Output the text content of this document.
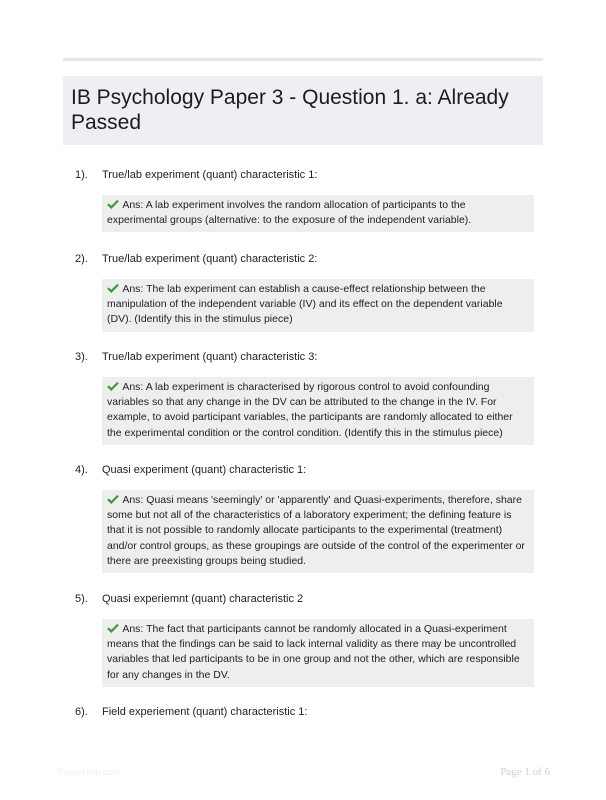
IB Psychology Paper 3 - Question 1. a: Already Passed
1).	True/lab experiment (quant) characteristic 1:
Ans: A lab experiment involves the random allocation of participants to the experimental groups (alternative: to the exposure of the independent variable).
2).	True/lab experiment (quant) characteristic 2:
Ans: The lab experiment can establish a cause-effect relationship between the manipulation of the independent variable (IV) and its effect on the dependent variable (DV). (Identify this in the stimulus piece)
3).	True/lab experiment (quant) characteristic 3:
Ans: A lab experiment is characterised by rigorous control to avoid confounding variables so that any change in the DV can be attributed to the change in the IV. For example, to avoid participant variables, the participants are randomly allocated to either the experimental condition or the control condition. (Identify this in the stimulus piece)
4).	Quasi experiment (quant) characteristic 1:
Ans: Quasi means 'seemingly' or 'apparently' and Quasi-experiments, therefore, share some but not all of the characteristics of a laboratory experiment; the defining feature is that it is not possible to randomly allocate participants to the experimental (treatment) and/or control groups, as these groupings are outside of the control of the experimenter or there are preexisting groups being studied.
5).	Quasi experiemnt (quant) characteristic 2
Ans: The fact that participants cannot be randomly allocated in a Quasi-experiment means that the findings can be said to lack internal validity as there may be uncontrolled variables that led participants to be in one group and not the other, which are responsible for any changes in the DV.
6).	Field experiement (quant) characteristic 1:
PaperHelp.com	Page 1 of 6
